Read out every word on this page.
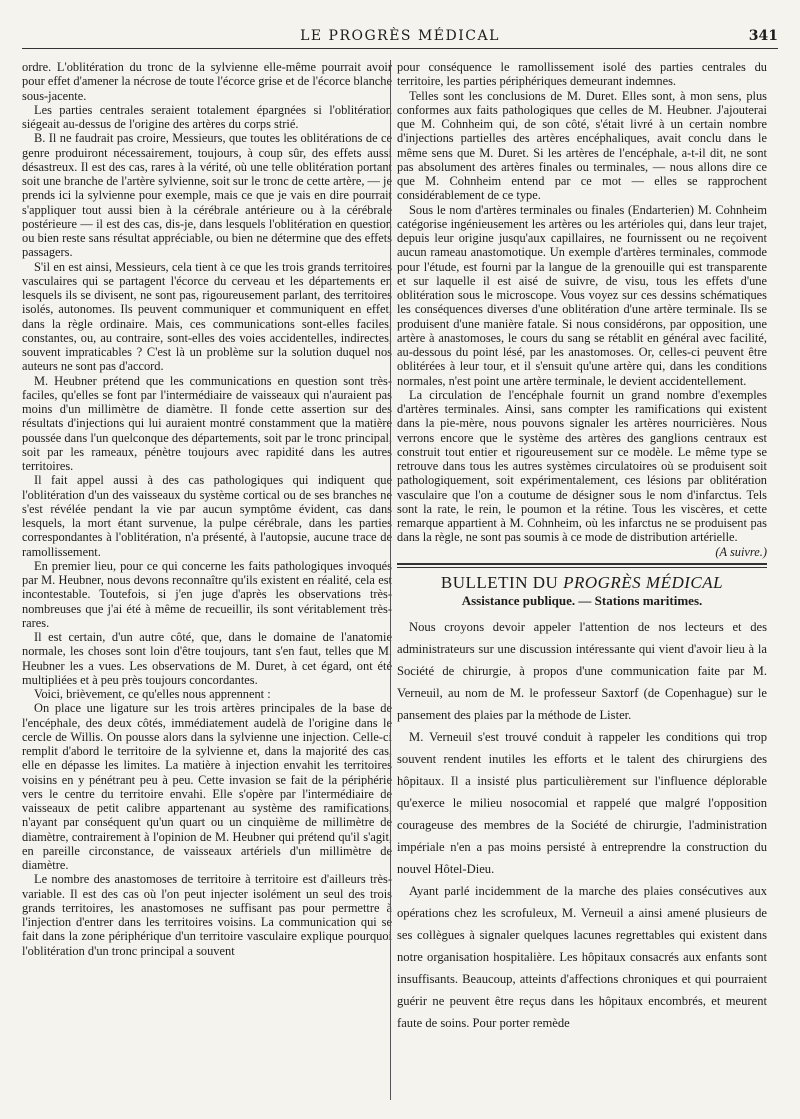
LE PROGRÈS MÉDICAL	341

ordre. L'oblitération du tronc de la sylvienne elle-même pourrait avoir pour effet d'amener la nécrose de toute l'écorce grise et de l'écorce blanche sous-jacente.

Les parties centrales seraient totalement épargnées si l'oblitération siégeait au-dessus de l'origine des artères du corps strié.

B. Il ne faudrait pas croire, Messieurs, que toutes les oblitérations de ce genre produiront nécessairement, toujours, à coup sûr, des effets aussi désastreux. Il est des cas, rares à la vérité, où une telle oblitération portant soit une branche de l'artère sylvienne, soit sur le tronc de cette artère, — je prends ici la sylvienne pour exemple, mais ce que je vais en dire pourrait s'appliquer tout aussi bien à la cérébrale antérieure ou à la cérébrale postérieure — il est des cas, dis-je, dans lesquels l'oblitération en question ou bien reste sans résultat appréciable, ou bien ne détermine que des effets passagers.

S'il en est ainsi, Messieurs, cela tient à ce que les trois grands territoires vasculaires qui se partagent l'écorce du cerveau et les départements en lesquels ils se divisent, ne sont pas, rigoureusement parlant, des territoires isolés, autonomes. Ils peuvent communiquer et communiquent en effet, dans la règle ordinaire. Mais, ces communications sont-elles faciles, constantes, ou, au contraire, sont-elles des voies accidentelles, indirectes, souvent impraticables ? C'est là un problème sur la solution duquel nos auteurs ne sont pas d'accord.

M. Heubner prétend que les communications en question sont très-faciles, qu'elles se font par l'intermédiaire de vaisseaux qui n'auraient pas moins d'un millimètre de diamètre. Il fonde cette assertion sur des résultats d'injections qui lui auraient montré constamment que la matière poussée dans l'un quelconque des départements, soit par le tronc principal, soit par les rameaux, pénètre toujours avec rapidité dans les autres territoires.

Il fait appel aussi à des cas pathologiques qui indiquent que l'oblitération d'un des vaisseaux du système cortical ou de ses branches ne s'est révélée pendant la vie par aucun symptôme évident, cas dans lesquels, la mort étant survenue, la pulpe cérébrale, dans les parties correspondantes à l'oblitération, n'a présenté, à l'autopsie, aucune trace de ramollissement.

En premier lieu, pour ce qui concerne les faits pathologiques invoqués par M. Heubner, nous devons reconnaître qu'ils existent en réalité, cela est incontestable. Toutefois, si j'en juge d'après les observations très-nombreuses que j'ai été à même de recueillir, ils sont véritablement très-rares.

Il est certain, d'un autre côté, que, dans le domaine de l'anatomie normale, les choses sont loin d'être toujours, tant s'en faut, telles que M. Heubner les a vues. Les observations de M. Duret, à cet égard, ont été multipliées et à peu près toujours concordantes.

Voici, brièvement, ce qu'elles nous apprennent :

On place une ligature sur les trois artères principales de la base de l'encéphale, des deux côtés, immédiatement audelà de l'origine dans le cercle de Willis. On pousse alors dans la sylvienne une injection. Celle-ci remplit d'abord le territoire de la sylvienne et, dans la majorité des cas, elle en dépasse les limites. La matière à injection envahit les territoires voisins en y pénétrant peu à peu. Cette invasion se fait de la périphérie vers le centre du territoire envahi. Elle s'opère par l'intermédiaire de vaisseaux de petit calibre appartenant au système des ramifications, n'ayant par conséquent qu'un quart ou un cinquième de millimètre de diamètre, contrairement à l'opinion de M. Heubner qui prétend qu'il s'agit, en pareille circonstance, de vaisseaux artériels d'un millimètre de diamètre.

Le nombre des anastomoses de territoire à territoire est d'ailleurs très-variable. Il est des cas où l'on peut injecter isolément un seul des trois grands territoires, les anastomoses ne suffisant pas pour permettre à l'injection d'entrer dans les territoires voisins. La communication qui se fait dans la zone périphérique d'un territoire vasculaire explique pourquoi l'oblitération d'un tronc principal a souvent

pour conséquence le ramollissement isolé des parties centrales du territoire, les parties périphériques demeurant indemnes.

Telles sont les conclusions de M. Duret. Elles sont, à mon sens, plus conformes aux faits pathologiques que celles de M. Heubner. J'ajouterai que M. Cohnheim qui, de son côté, s'était livré à un certain nombre d'injections partielles des artères encéphaliques, avait conclu dans le même sens que M. Duret. Si les artères de l'encéphale, a-t-il dit, ne sont pas absolument des artères finales ou terminales, — nous allons dire ce que M. Cohnheim entend par ce mot — elles se rapprochent considérablement de ce type.

Sous le nom d'artères terminales ou finales (Endarterien) M. Cohnheim catégorise ingénieusement les artères ou les artérioles qui, dans leur trajet, depuis leur origine jusqu'aux capillaires, ne fournissent ou ne reçoivent aucun rameau anastomotique. Un exemple d'artères terminales, commode pour l'étude, est fourni par la langue de la grenouille qui est transparente et sur laquelle il est aisé de suivre, de visu, tous les effets d'une oblitération sous le microscope. Vous voyez sur ces dessins schématiques les conséquences diverses d'une oblitération d'une artère terminale. Ils se produisent d'une manière fatale. Si nous considérons, par opposition, une artère à anastomoses, le cours du sang se rétablit en général avec facilité, au-dessous du point lésé, par les anastomoses. Or, celles-ci peuvent être oblitérées à leur tour, et il s'ensuit qu'une artère qui, dans les conditions normales, n'est point une artère terminale, le devient accidentellement.

La circulation de l'encéphale fournit un grand nombre d'exemples d'artères terminales. Ainsi, sans compter les ramifications qui existent dans la pie-mère, nous pouvons signaler les artères nourricières. Nous verrons encore que le système des artères des ganglions centraux est construit tout entier et rigoureusement sur ce modèle. Le même type se retrouve dans tous les autres systèmes circulatoires où se produisent soit pathologiquement, soit expérimentalement, ces lésions par oblitération vasculaire que l'on a coutume de désigner sous le nom d'infarctus. Tels sont la rate, le rein, le poumon et la rétine. Tous les viscères, et cette remarque appartient à M. Cohnheim, où les infarctus ne se produisent pas dans la règle, ne sont pas soumis à ce mode de distribution artérielle.

(A suivre.)

BULLETIN DU PROGRÈS MÉDICAL
Assistance publique. — Stations maritimes.

Nous croyons devoir appeler l'attention de nos lecteurs et des administrateurs sur une discussion intéressante qui vient d'avoir lieu à la Société de chirurgie, à propos d'une communication faite par M. Verneuil, au nom de M. le professeur Saxtorf (de Copenhague) sur le pansement des plaies par la méthode de Lister.

M. Verneuil s'est trouvé conduit à rappeler les conditions qui trop souvent rendent inutiles les efforts et le talent des chirurgiens des hôpitaux. Il a insisté plus particulièrement sur l'influence déplorable qu'exerce le milieu nosocomial et rappelé que malgré l'opposition courageuse des membres de la Société de chirurgie, l'administration impériale n'en a pas moins persisté à entreprendre la construction du nouvel Hôtel-Dieu.

Ayant parlé incidemment de la marche des plaies consécutives aux opérations chez les scrofuleux, M. Verneuil a ainsi amené plusieurs de ses collègues à signaler quelques lacunes regrettables qui existent dans notre organisation hospitalière. Les hôpitaux consacrés aux enfants sont insuffisants. Beaucoup, atteints d'affections chroniques et qui pourraient guérir ne peuvent être reçus dans les hôpitaux encombrés, et meurent faute de soins. Pour porter remède
